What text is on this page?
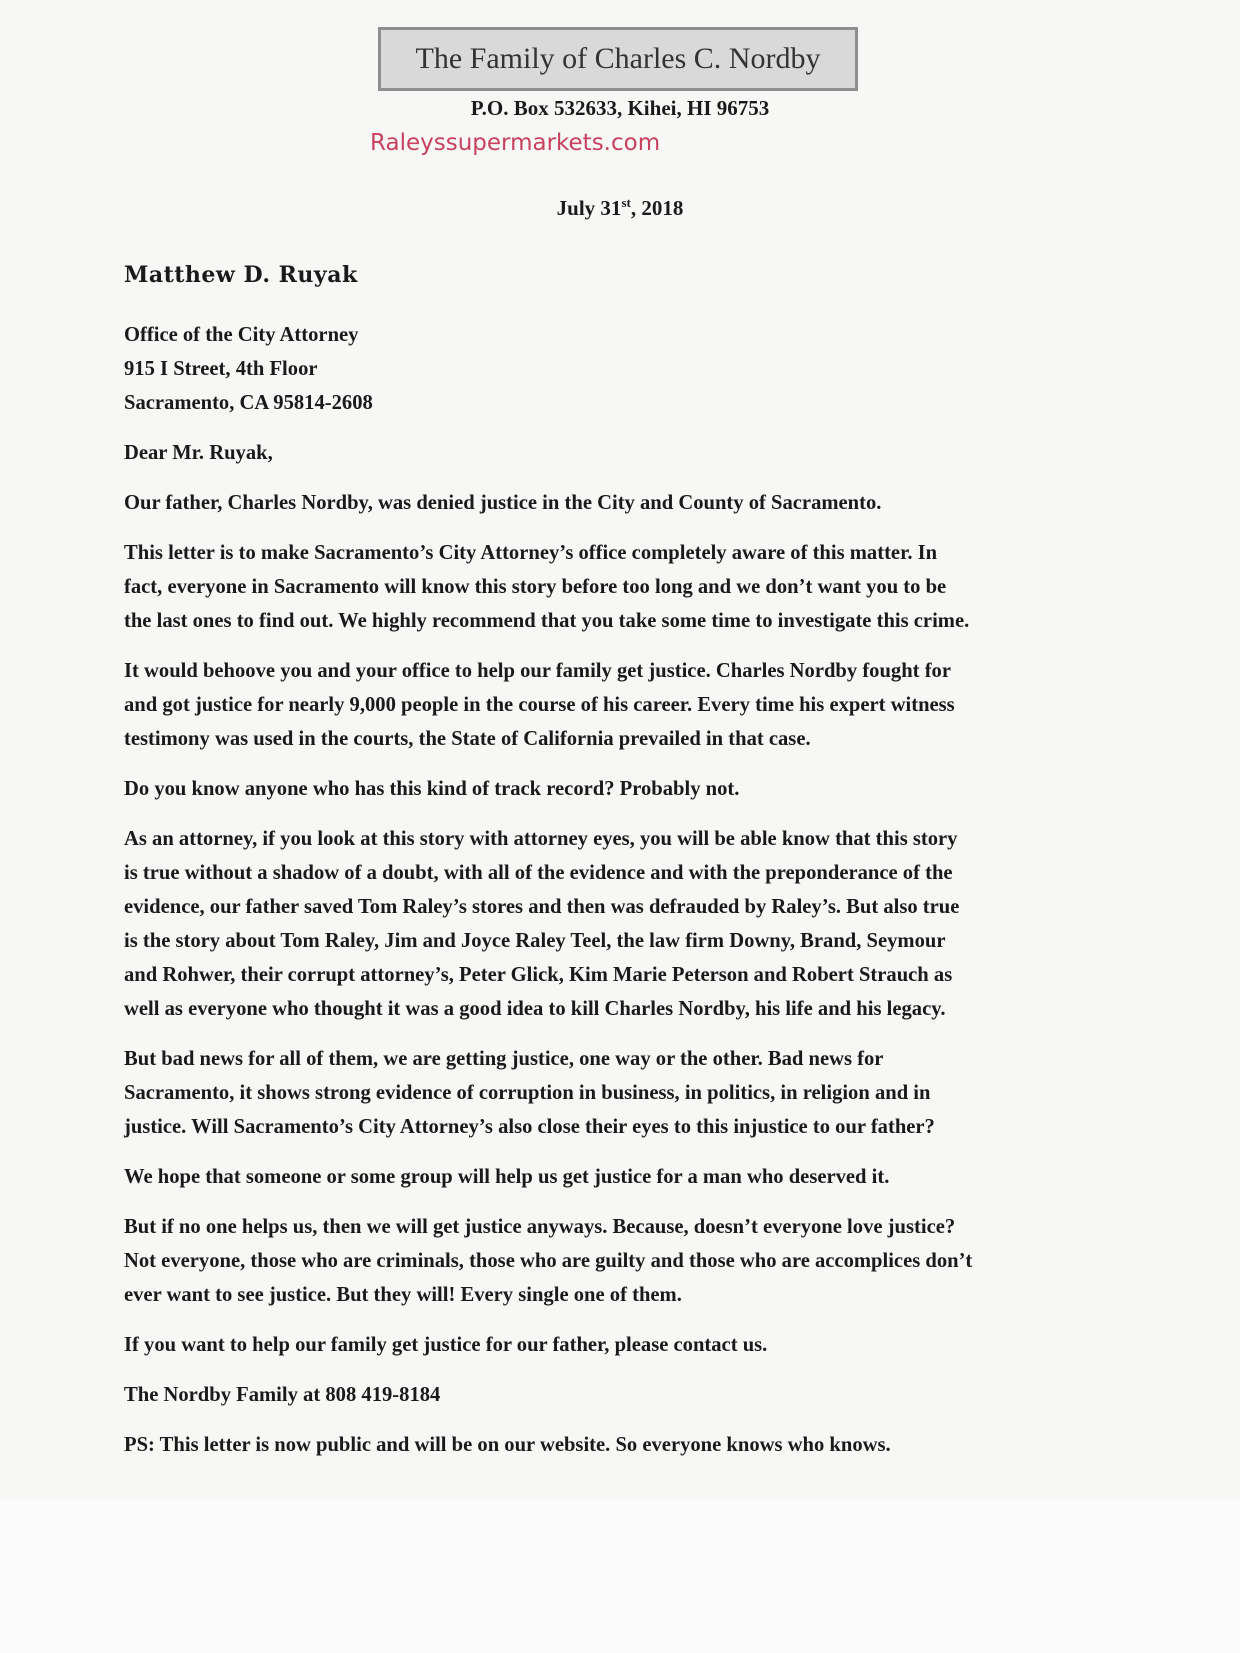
The Family of Charles C. Nordby
P.O. Box 532633, Kihei, HI 96753
Raleyssupermarkets.com
July 31st, 2018
Matthew D. Ruyak
Office of the City Attorney
915 I Street, 4th Floor
Sacramento, CA 95814-2608
Dear Mr. Ruyak,
Our father, Charles Nordby, was denied justice in the City and County of Sacramento.
This letter is to make Sacramento’s City Attorney’s office completely aware of this matter. In
fact, everyone in Sacramento will know this story before too long and we don’t want you to be
the last ones to find out. We highly recommend that you take some time to investigate this crime.
It would behoove you and your office to help our family get justice. Charles Nordby fought for
and got justice for nearly 9,000 people in the course of his career. Every time his expert witness
testimony was used in the courts, the State of California prevailed in that case.
Do you know anyone who has this kind of track record? Probably not.
As an attorney, if you look at this story with attorney eyes, you will be able know that this story
is true without a shadow of a doubt, with all of the evidence and with the preponderance of the
evidence, our father saved Tom Raley’s stores and then was defrauded by Raley’s. But also true
is the story about Tom Raley, Jim and Joyce Raley Teel, the law firm Downy, Brand, Seymour
and Rohwer, their corrupt attorney’s, Peter Glick, Kim Marie Peterson and Robert Strauch as
well as everyone who thought it was a good idea to kill Charles Nordby, his life and his legacy.
But bad news for all of them, we are getting justice, one way or the other. Bad news for
Sacramento, it shows strong evidence of corruption in business, in politics, in religion and in
justice. Will Sacramento’s City Attorney’s also close their eyes to this injustice to our father?
We hope that someone or some group will help us get justice for a man who deserved it.
But if no one helps us, then we will get justice anyways. Because, doesn’t everyone love justice?
Not everyone, those who are criminals, those who are guilty and those who are accomplices don’t
ever want to see justice. But they will! Every single one of them.
If you want to help our family get justice for our father, please contact us.
The Nordby Family at 808 419-8184
PS: This letter is now public and will be on our website. So everyone knows who knows.
